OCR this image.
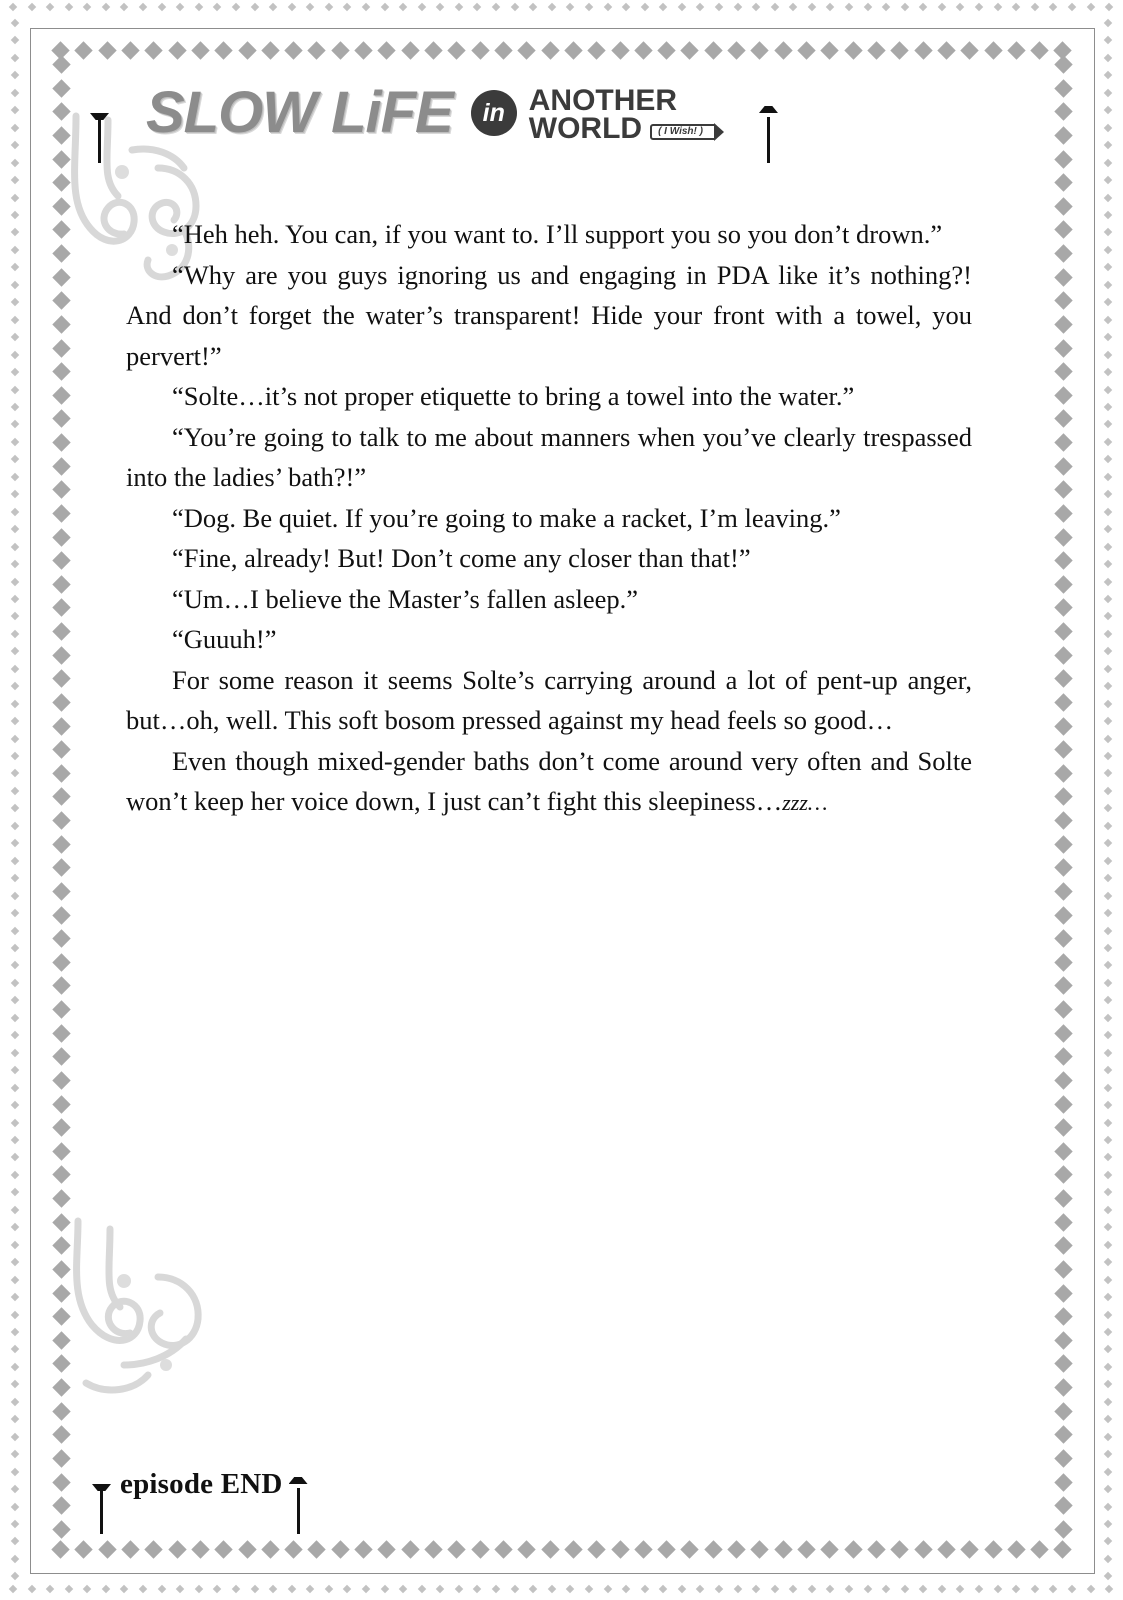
SLOW LiFE	in ANOTHER
WORLD	( I Wish! )

“Heh heh. You can, if you want to. I’ll support you so you don’t drown.”

“Why are you guys ignoring us and engaging in PDA like it’s nothing?! And don’t forget the water’s transparent! Hide your front with a towel, you pervert!”

“Solte…it’s not proper etiquette to bring a towel into the water.”

“You’re going to talk to me about manners when you’ve clearly trespassed into the ladies’ bath?!”

“Dog. Be quiet. If you’re going to make a racket, I’m leaving.”

“Fine, already! But! Don’t come any closer than that!”

“Um…I believe the Master’s fallen asleep.”

“Guuuh!”

For some reason it seems Solte’s carrying around a lot of pent-up anger, but…oh, well. This soft bosom pressed against my head feels so good…

Even though mixed-gender baths don’t come around very often and Solte won’t keep her voice down, I just can’t fight this sleepiness…zzz…

episode END
